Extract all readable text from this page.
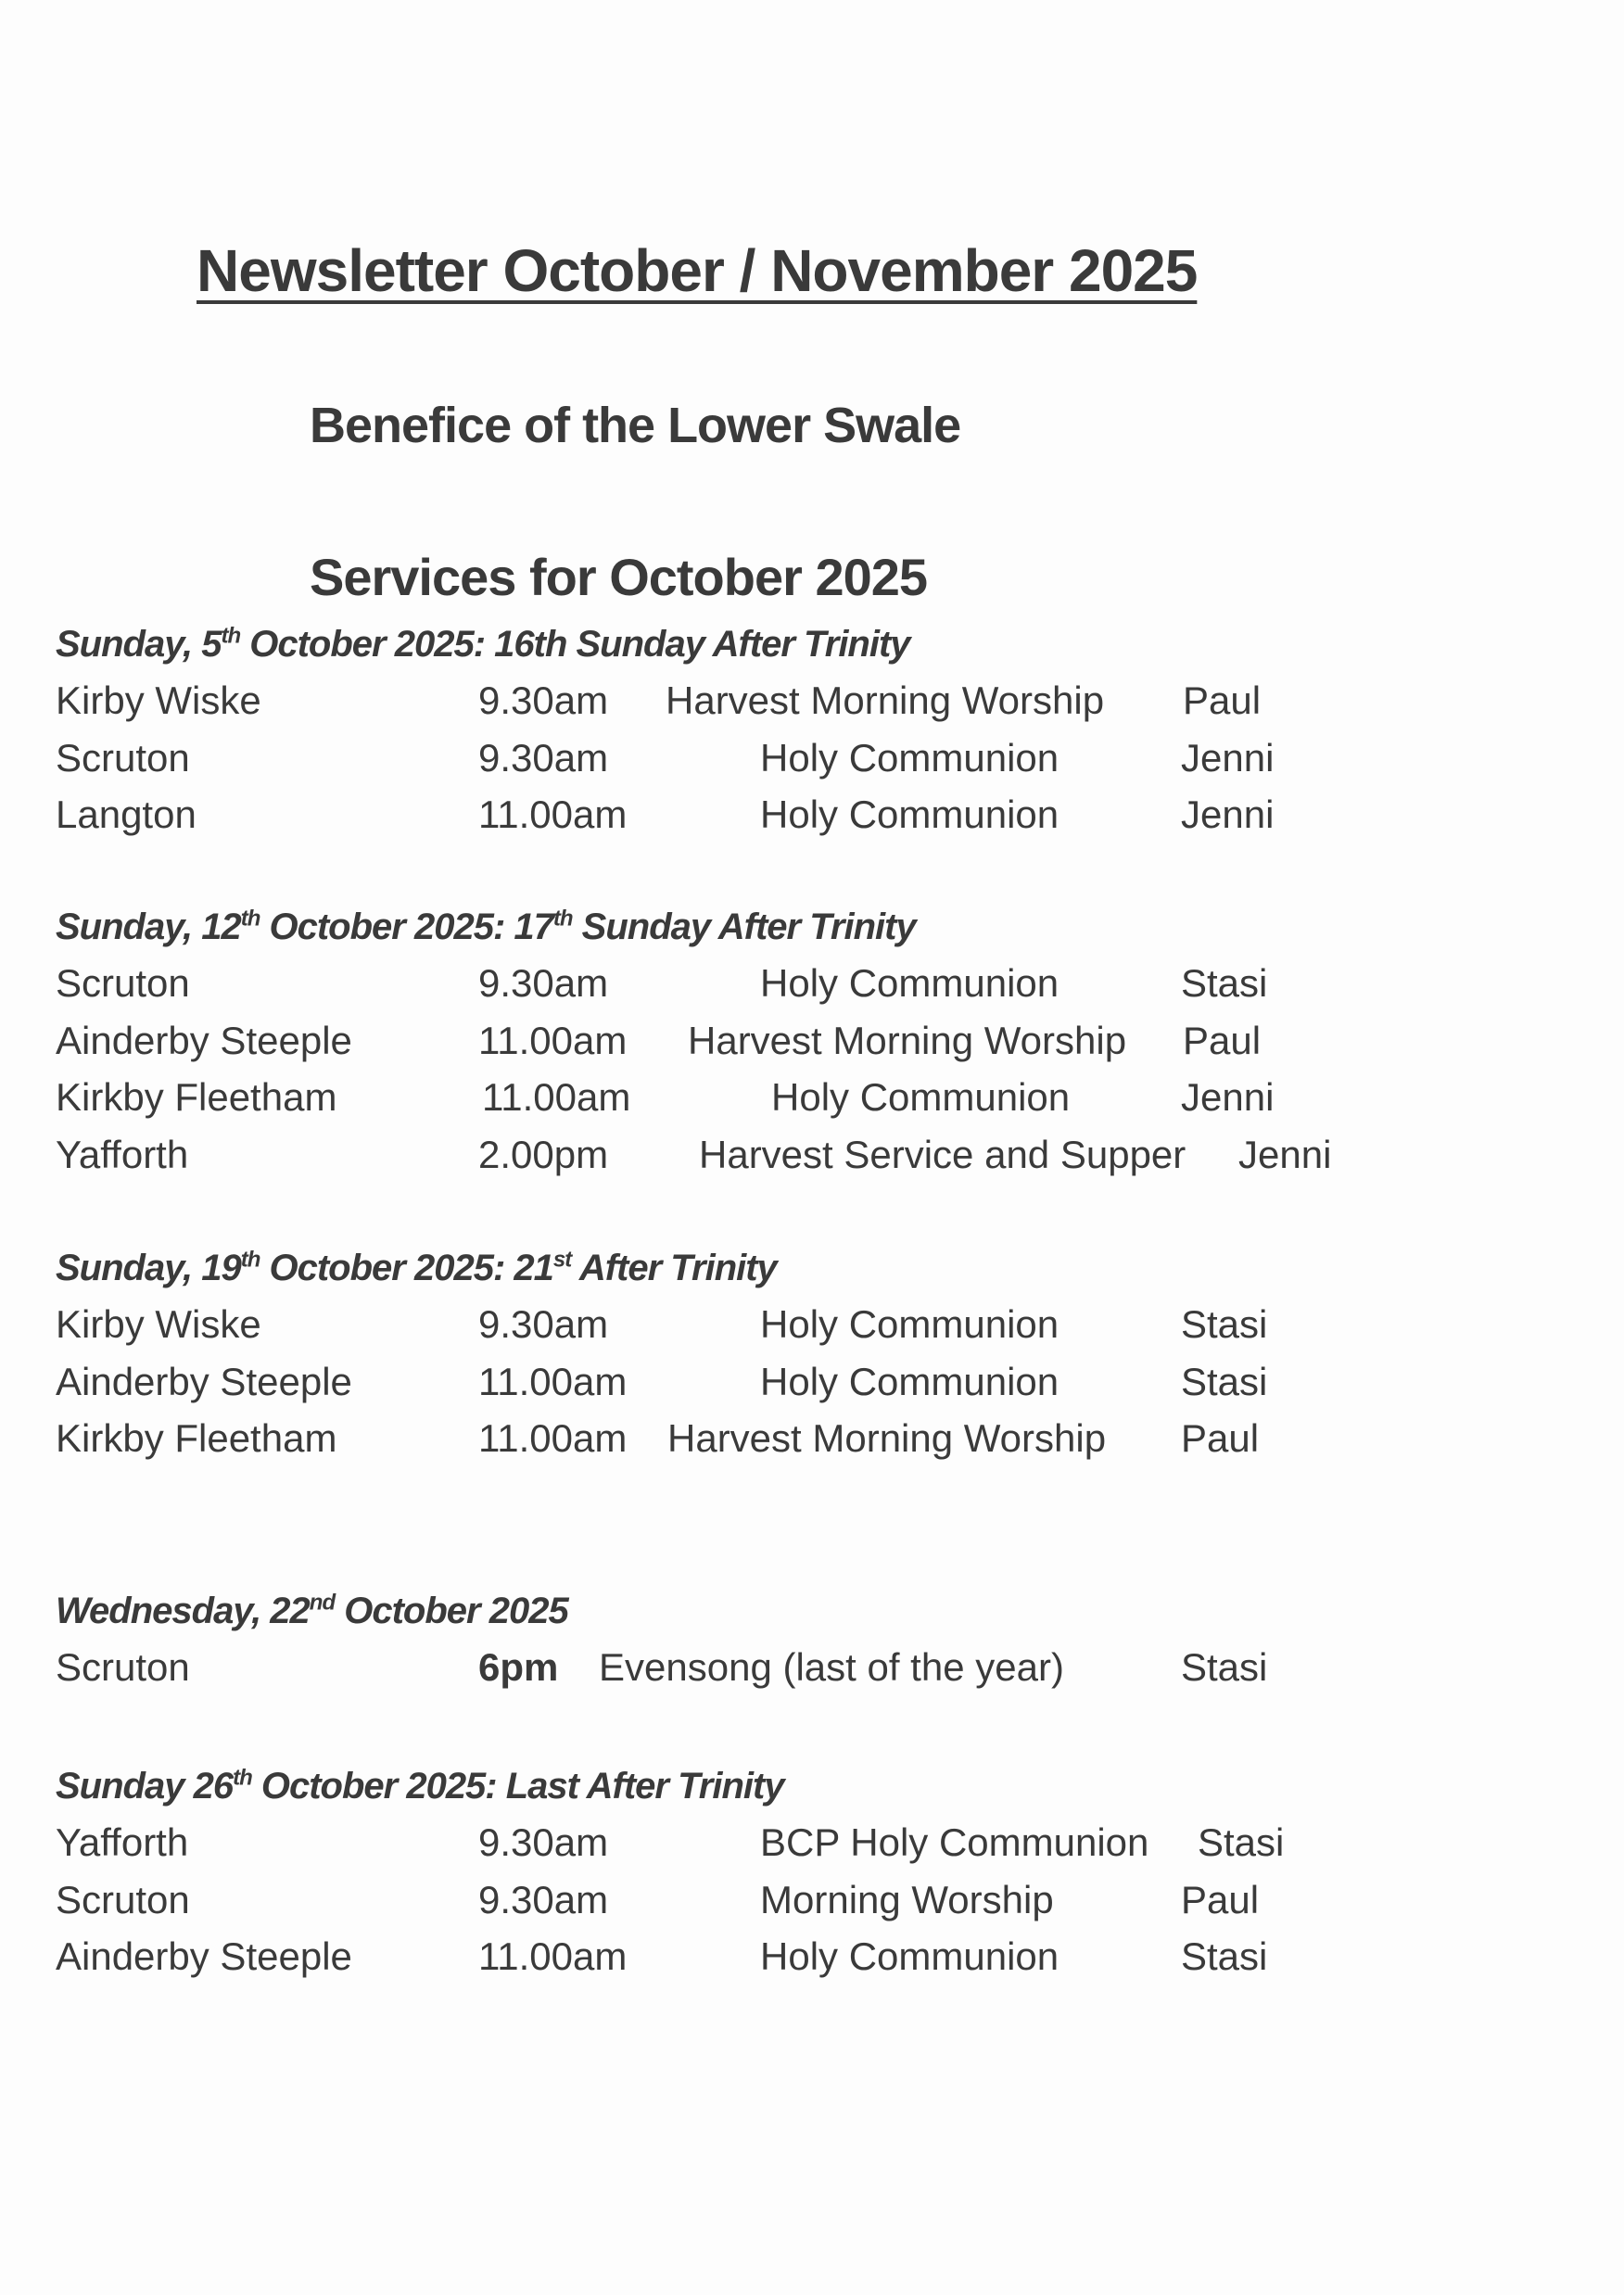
Newsletter October / November 2025
Benefice of the Lower Swale
Services for October 2025
Sunday, 5th October 2025: 16th Sunday After Trinity
Kirby Wiske	9.30am Harvest Morning Worship Paul
Scruton	9.30am	Holy Communion	Jenni
Langton	11.00am	Holy Communion	Jenni
Sunday, 12th October 2025: 17th Sunday After Trinity
Scruton	9.30am	Holy Communion	Stasi
Ainderby Steeple	11.00am Harvest Morning Worship Paul
Kirkby Fleetham	11.00am	Holy Communion	Jenni
Yafforth	2.00pm Harvest Service and Supper Jenni
Sunday, 19th October 2025: 21st After Trinity
Kirby Wiske	9.30am	Holy Communion	Stasi
Ainderby Steeple	11.00am	Holy Communion	Stasi
Kirkby Fleetham	11.00am Harvest Morning Worship Paul
Wednesday, 22nd October 2025
Scruton	6pm Evensong (last of the year)	Stasi
Sunday 26th October 2025: Last After Trinity
Yafforth	9.30am	BCP Holy Communion Stasi
Scruton	9.30am	Morning Worship	Paul
Ainderby Steeple	11.00am	Holy Communion	Stasi
